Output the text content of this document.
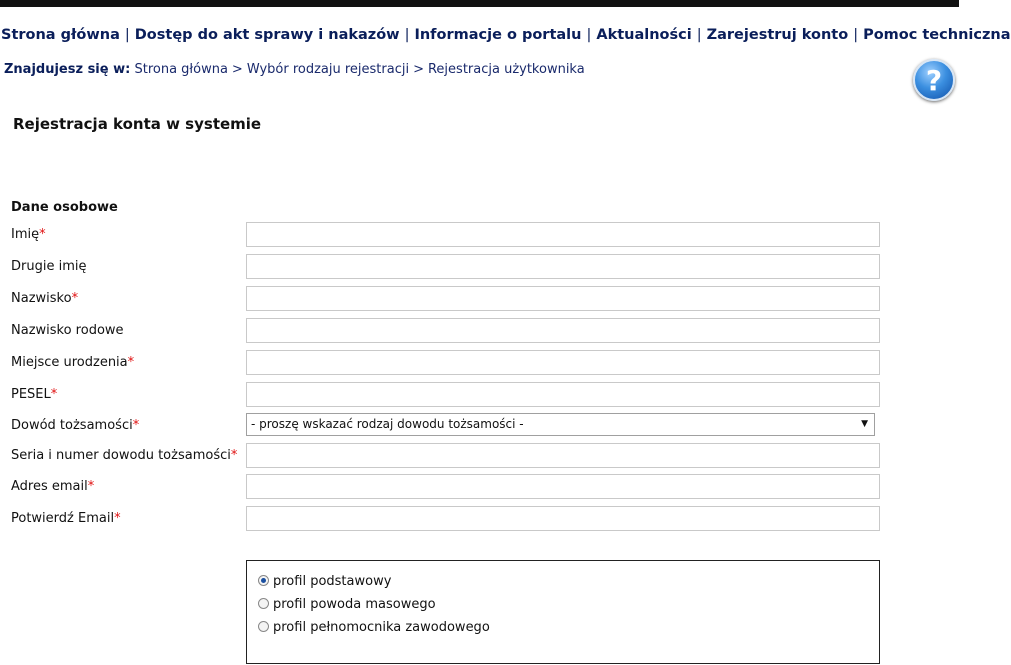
Strona główna | Dostęp do akt sprawy i nakazów | Informacje o portalu | Aktualności | Zarejestruj konto | Pomoc techniczna
Znajdujesz się w: Strona główna > Wybór rodzaju rejestracji > Rejestracja użytkownika	?
Rejestracja konta w systemie
Dane osobowe
Imię*
Drugie imię
Nazwisko*
Nazwisko rodowe
Miejsce urodzenia*
PESEL*
Dowód tożsamości*	- proszę wskazać rodzaj dowodu tożsamości -	▼
Seria i numer dowodu tożsamości*
Adres email*
Potwierdź Email*
profil podstawowy
profil powoda masowego
profil pełnomocnika zawodowego
